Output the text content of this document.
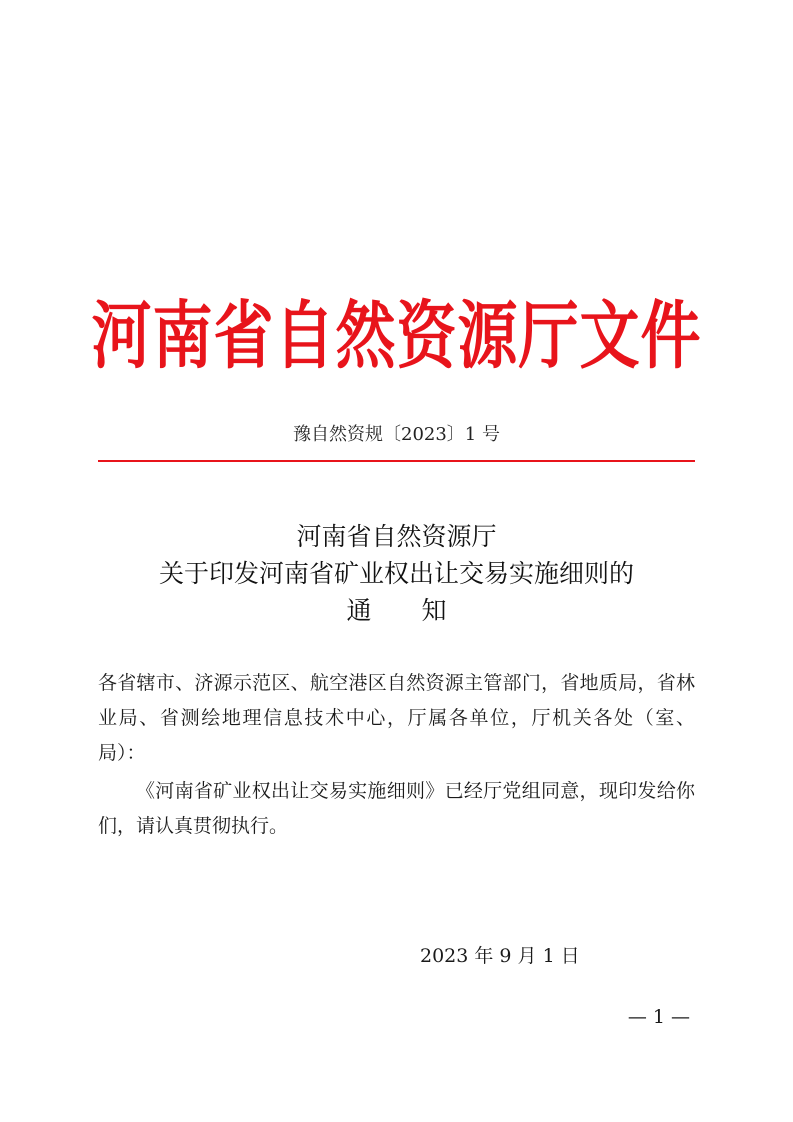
河南省自然资源厅文件
豫自然资规〔2023〕1 号
河南省自然资源厅
关于印发河南省矿业权出让交易实施细则的
通知
各省辖市、济源示范区、航空港区自然资源主管部门，省地质局，省林业局、省测绘地理信息技术中心，厅属各单位，厅机关各处（室、局）：
《河南省矿业权出让交易实施细则》已经厅党组同意，现印发给你们，请认真贯彻执行。
2023 年 9 月 1 日
— 1 —
